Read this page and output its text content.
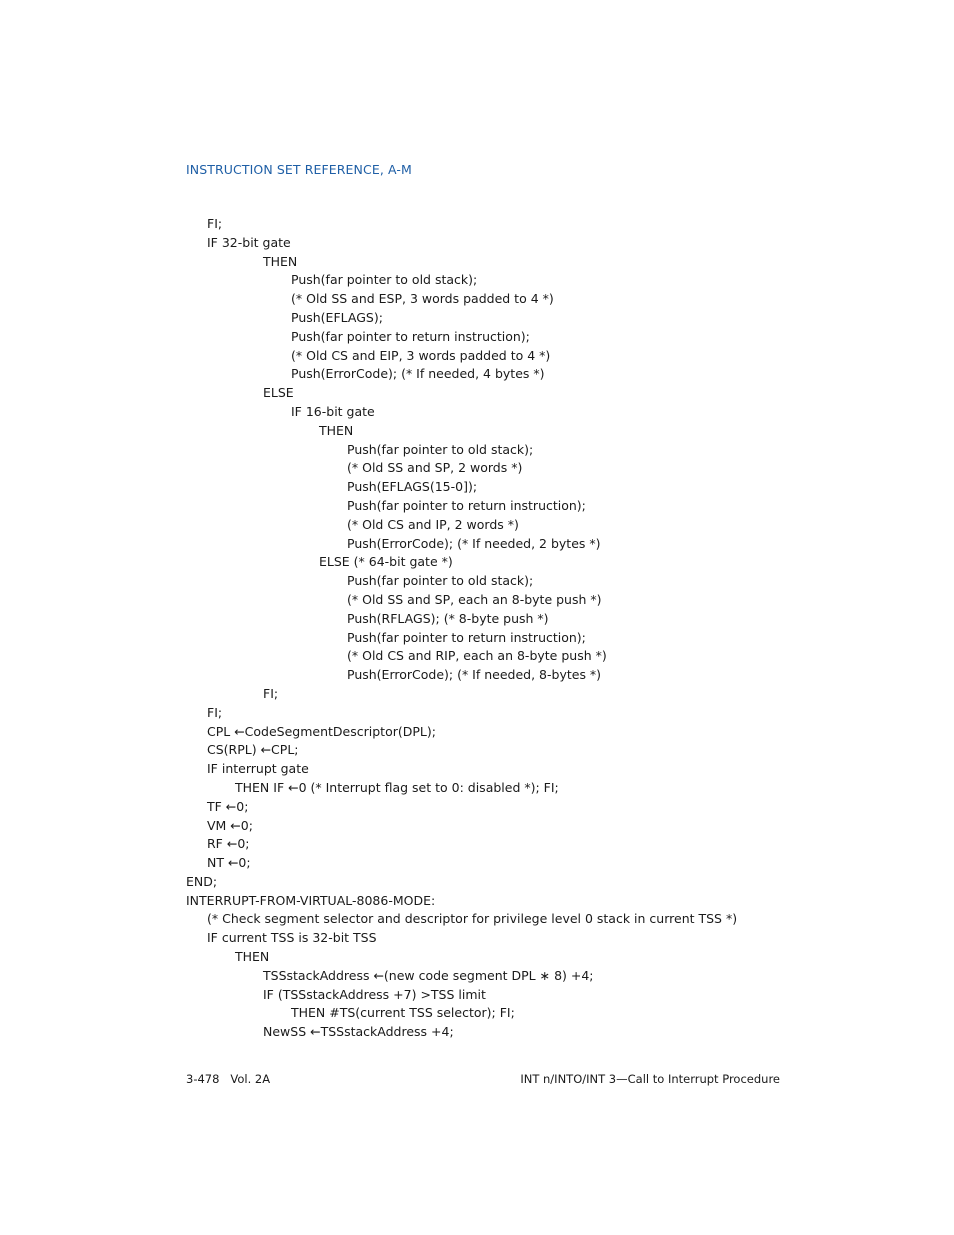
INSTRUCTION SET REFERENCE, A-M
FI;
IF 32-bit gate
THEN
Push(far pointer to old stack);
(* Old SS and ESP, 3 words padded to 4 *)
Push(EFLAGS);
Push(far pointer to return instruction);
(* Old CS and EIP, 3 words padded to 4 *)
Push(ErrorCode); (* If needed, 4 bytes *)
ELSE
IF 16-bit gate
THEN
Push(far pointer to old stack);
(* Old SS and SP, 2 words *)
Push(EFLAGS(15-0]);
Push(far pointer to return instruction);
(* Old CS and IP, 2 words *)
Push(ErrorCode); (* If needed, 2 bytes *)
ELSE (* 64-bit gate *)
Push(far pointer to old stack);
(* Old SS and SP, each an 8-byte push *)
Push(RFLAGS); (* 8-byte push *)
Push(far pointer to return instruction);
(* Old CS and RIP, each an 8-byte push *)
Push(ErrorCode); (* If needed, 8-bytes *)
FI;
FI;
CPL ←CodeSegmentDescriptor(DPL);
CS(RPL) ←CPL;
IF interrupt gate
THEN IF ←0 (* Interrupt flag set to 0: disabled *); FI;
TF ←0;
VM ←0;
RF ←0;
NT ←0;
END;
INTERRUPT-FROM-VIRTUAL-8086-MODE:
(* Check segment selector and descriptor for privilege level 0 stack in current TSS *)
IF current TSS is 32-bit TSS
THEN
TSSstackAddress ←(new code segment DPL ∗ 8) +4;
IF (TSSstackAddress +7) >TSS limit
THEN #TS(current TSS selector); FI;
NewSS ←TSSstackAddress +4;
3-478   Vol. 2A	INT n/INTO/INT 3—Call to Interrupt Procedure
